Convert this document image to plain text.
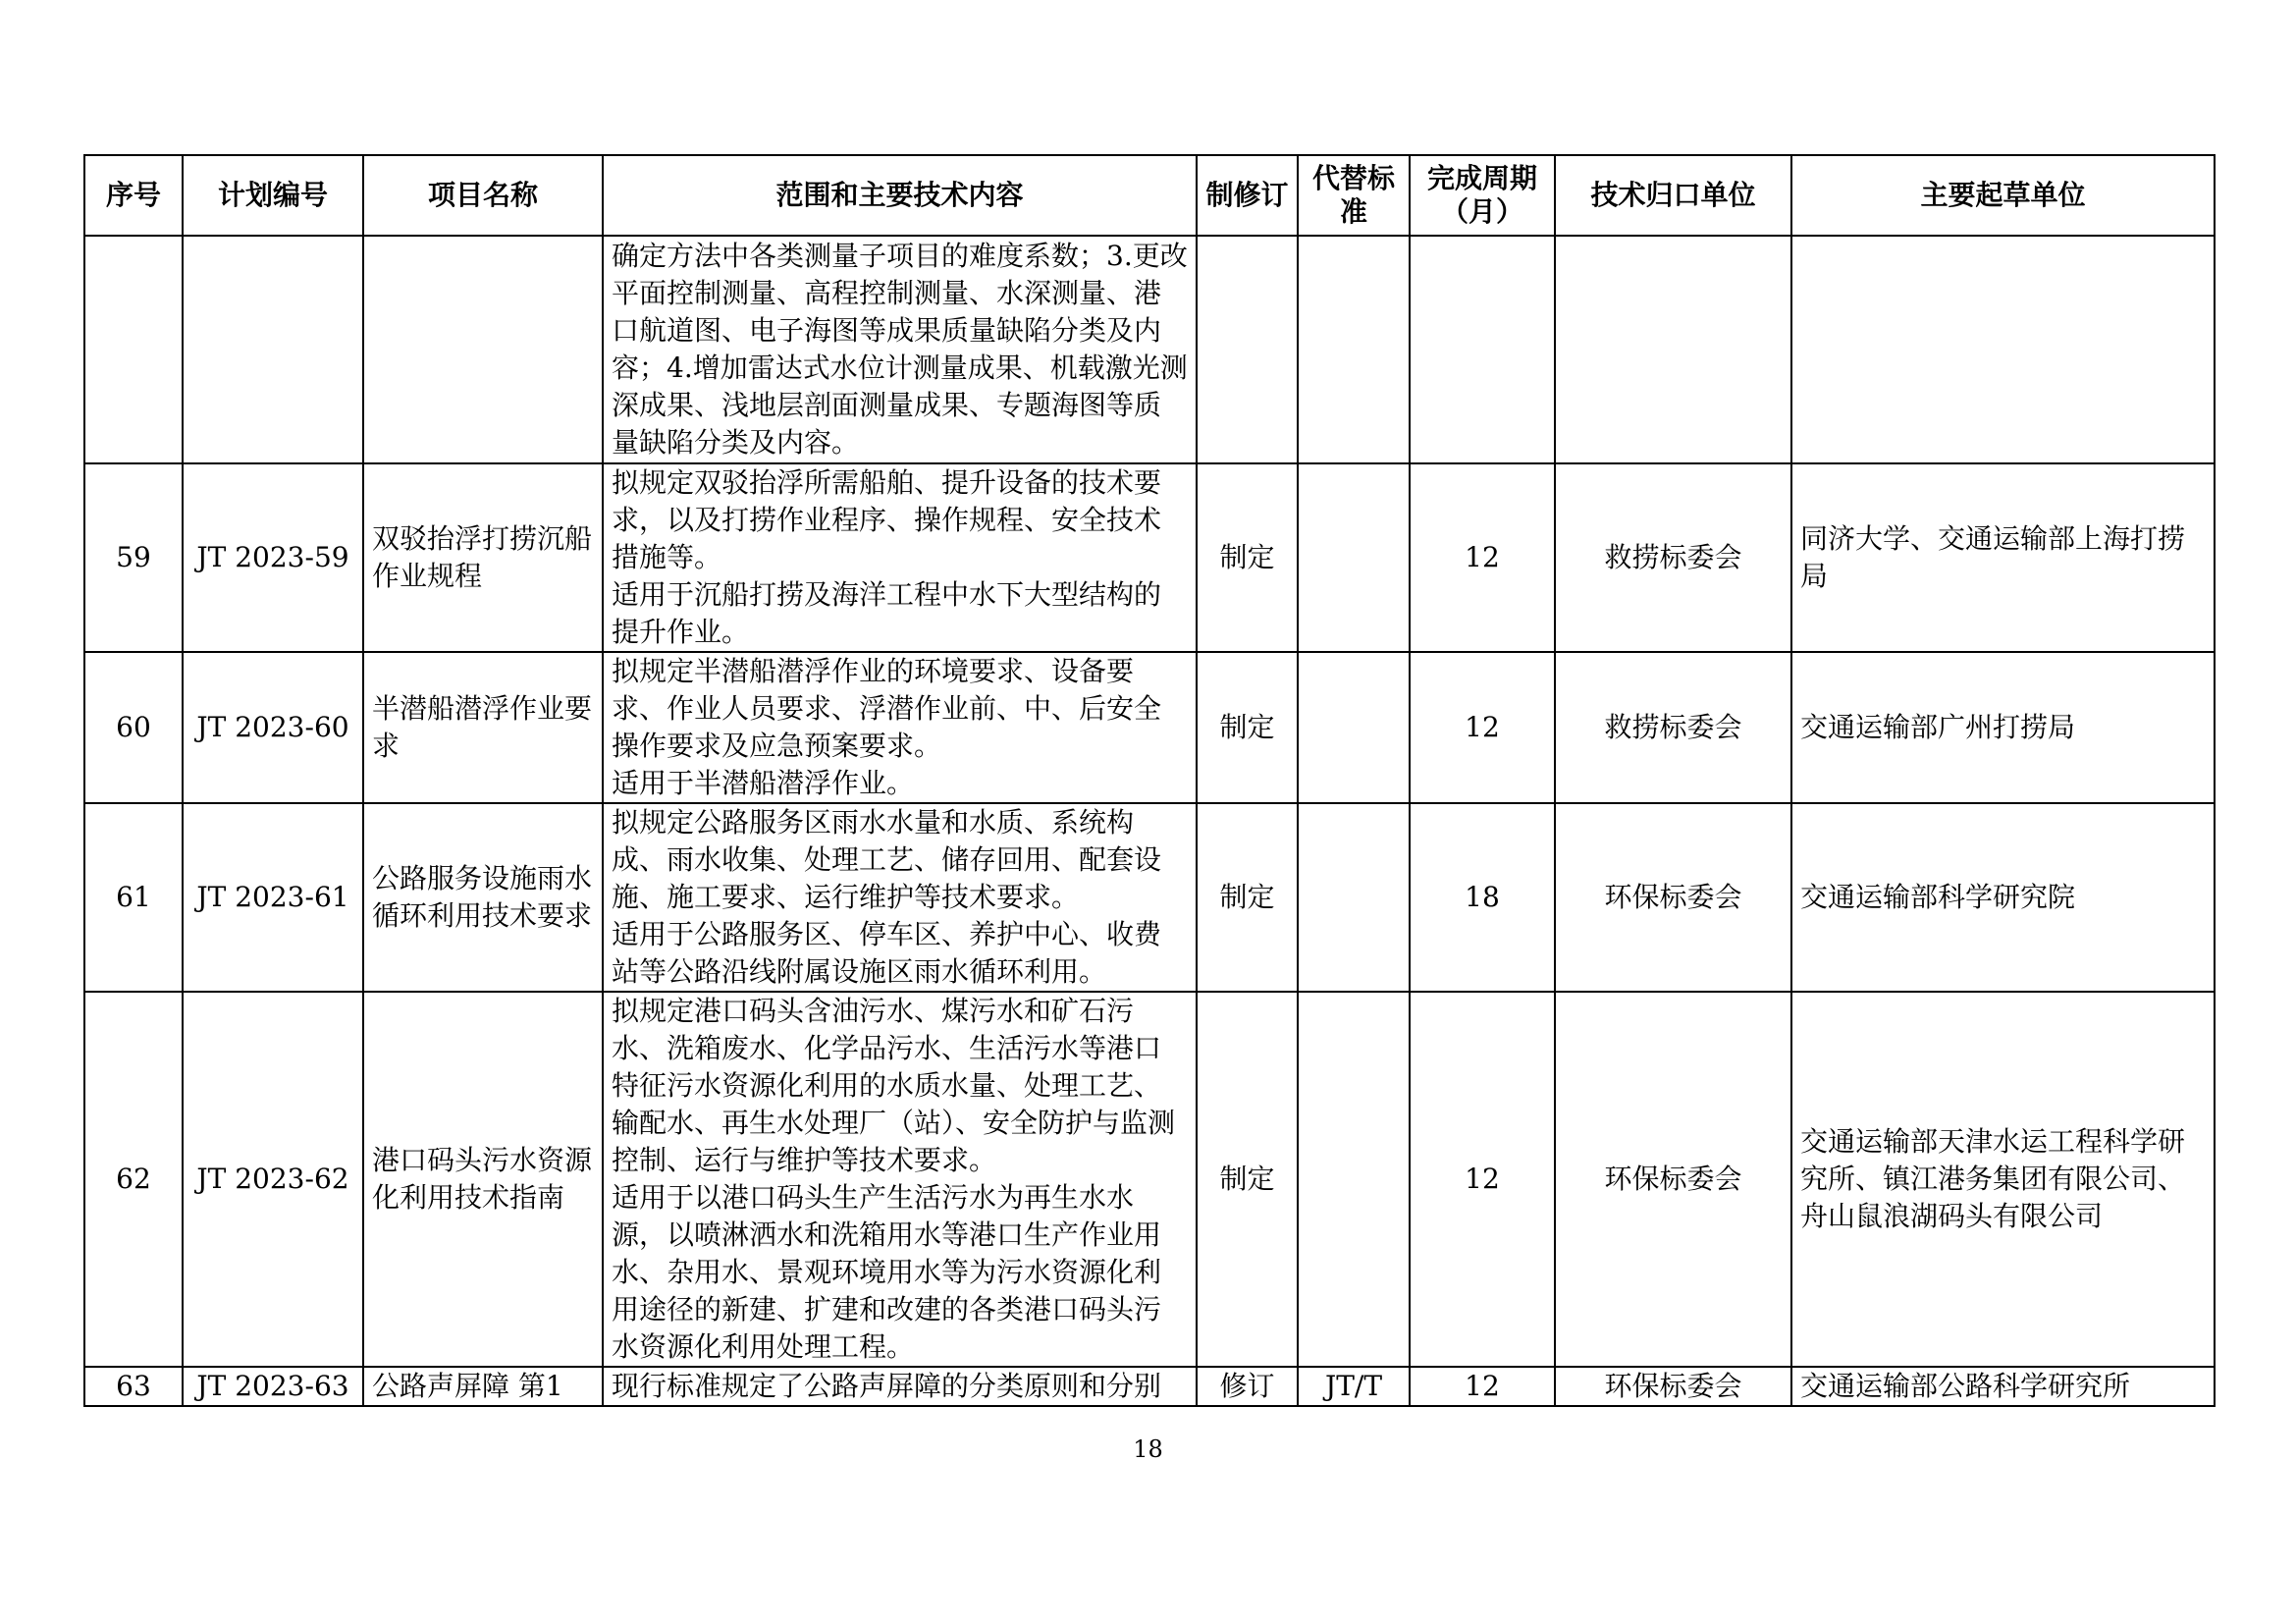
序号	计划编号	项目名称	范围和主要技术内容	制修订	代替标准	完成周期（月）	技术归口单位	主要起草单位

			确定方法中各类测量子项目的难度系数；3.更改平面控制测量、高程控制测量、水深测量、港口航道图、电子海图等成果质量缺陷分类及内容；4.增加雷达式水位计测量成果、机载激光测深成果、浅地层剖面测量成果、专题海图等质量缺陷分类及内容。					

59	JT 2023-59	双驳抬浮打捞沉船作业规程	拟规定双驳抬浮所需船舶、提升设备的技术要求，以及打捞作业程序、操作规程、安全技术措施等。
适用于沉船打捞及海洋工程中水下大型结构的提升作业。	制定		12	救捞标委会	同济大学、交通运输部上海打捞局
60	JT 2023-60	半潜船潜浮作业要求	拟规定半潜船潜浮作业的环境要求、设备要求、作业人员要求、浮潜作业前、中、后安全操作要求及应急预案要求。
适用于半潜船潜浮作业。	制定		12	救捞标委会	交通运输部广州打捞局
61	JT 2023-61	公路服务设施雨水循环利用技术要求	拟规定公路服务区雨水水量和水质、系统构成、雨水收集、处理工艺、储存回用、配套设施、施工要求、运行维护等技术要求。
适用于公路服务区、停车区、养护中心、收费站等公路沿线附属设施区雨水循环利用。	制定		18	环保标委会	交通运输部科学研究院
62	JT 2023-62	港口码头污水资源化利用技术指南	拟规定港口码头含油污水、煤污水和矿石污水、洗箱废水、化学品污水、生活污水等港口特征污水资源化利用的水质水量、处理工艺、输配水、再生水处理厂（站）、安全防护与监测控制、运行与维护等技术要求。
适用于以港口码头生产生活污水为再生水水源，以喷淋洒水和洗箱用水等港口生产作业用水、杂用水、景观环境用水等为污水资源化利用途径的新建、扩建和改建的各类港口码头污水资源化利用处理工程。	制定		12	环保标委会	交通运输部天津水运工程科学研究所、镇江港务集团有限公司、舟山鼠浪湖码头有限公司
63	JT 2023-63	公路声屏障 第1	现行标准规定了公路声屏障的分类原则和分别	修订	JT/T	12	环保标委会	交通运输部公路科学研究所
18
